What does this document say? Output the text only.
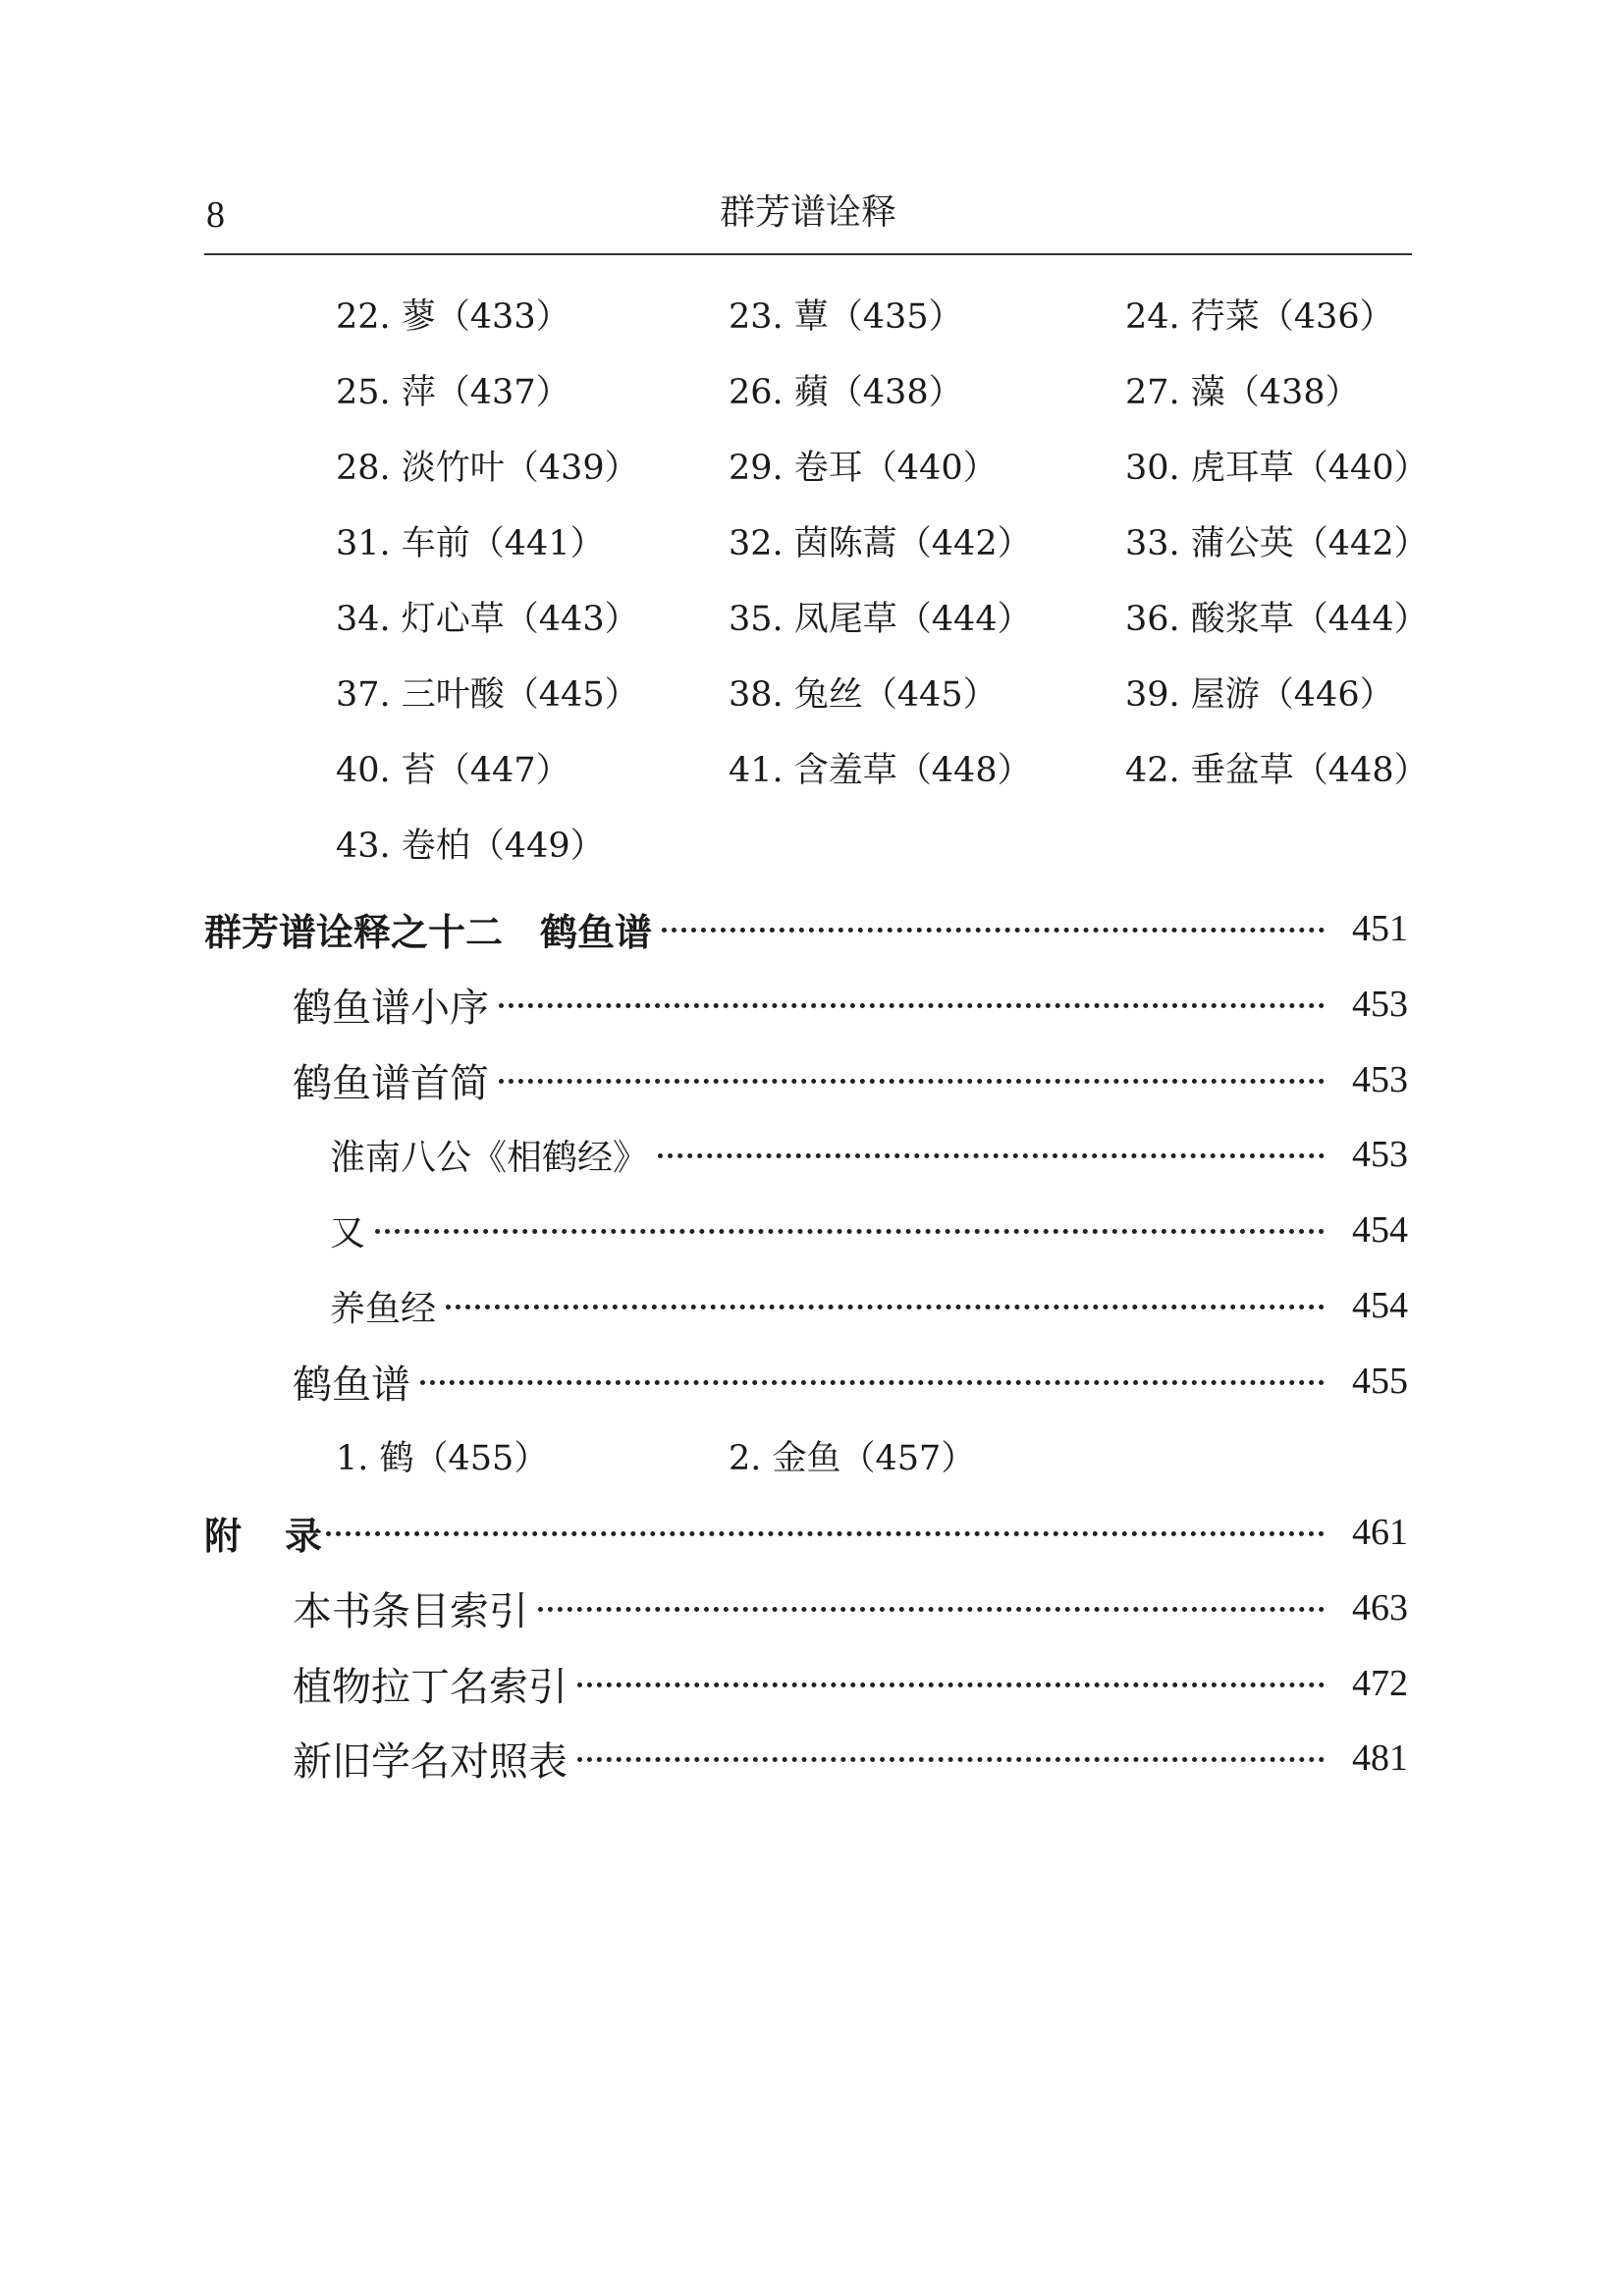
8	群芳谱诠释
22. 蓼（433）	23. 蕈（435）	24. 荇菜（436）
25. 萍（437）	26. 蘋（438）	27. 藻（438）
28. 淡竹叶（439）	29. 卷耳（440）	30. 虎耳草（440）
31. 车前（441）	32. 茵陈蒿（442）	33. 蒲公英（442）
34. 灯心草（443）	35. 凤尾草（444）	36. 酸浆草（444）
37. 三叶酸（445）	38. 兔丝（445）	39. 屋游（446）
40. 苔（447）	41. 含羞草（448）	42. 垂盆草（448）
43. 卷柏（449）
群芳谱诠释之十二　鹤鱼谱	451
鹤鱼谱小序	453
鹤鱼谱首简	453
淮南八公《相鹤经》	453
又	454
养鱼经	454
鹤鱼谱	455
1. 鹤（455）	2. 金鱼（457）
附 录	461
本书条目索引	463
植物拉丁名索引	472
新旧学名对照表	481
